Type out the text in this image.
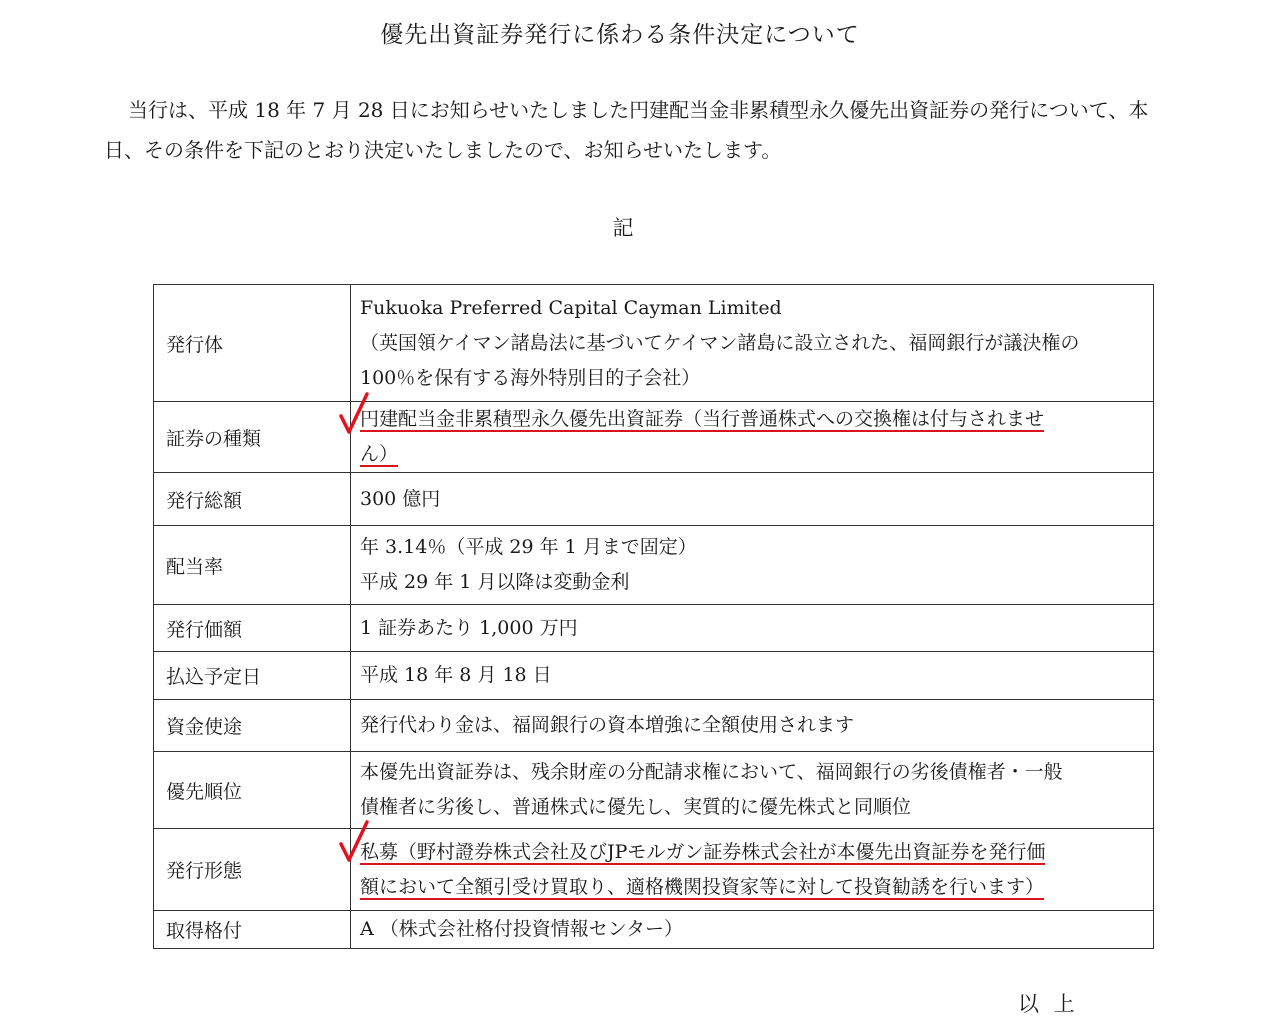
優先出資証券発行に係わる条件決定について
当行は、平成 18 年 7 月 28 日にお知らせいたしました円建配当金非累積型永久優先出資証券の発行について、本日、その条件を下記のとおり決定いたしましたので、お知らせいたします。
記
発行体	Fukuoka Preferred Capital Cayman Limited
（英国領ケイマン諸島法に基づいてケイマン諸島に設立された、福岡銀行が議決権の
100％を保有する海外特別目的子会社）

証券の種類	円建配当金非累積型永久優先出資証券（当行普通株式への交換権は付与されませ
ん）

発行総額	300 億円

配当率	年 3.14％（平成 29 年 1 月まで固定）
平成 29 年 1 月以降は変動金利

発行価額	1 証券あたり 1,000 万円

払込予定日	平成 18 年 8 月 18 日

資金使途	発行代わり金は、福岡銀行の資本増強に全額使用されます

優先順位	本優先出資証券は、残余財産の分配請求権において、福岡銀行の劣後債権者・一般
債権者に劣後し、普通株式に優先し、実質的に優先株式と同順位

発行形態	私募（野村證券株式会社及びJPモルガン証券株式会社が本優先出資証券を発行価
額において全額引受け買取り、適格機関投資家等に対して投資勧誘を行います）

取得格付	A （株式会社格付投資情報センター）
以 上
